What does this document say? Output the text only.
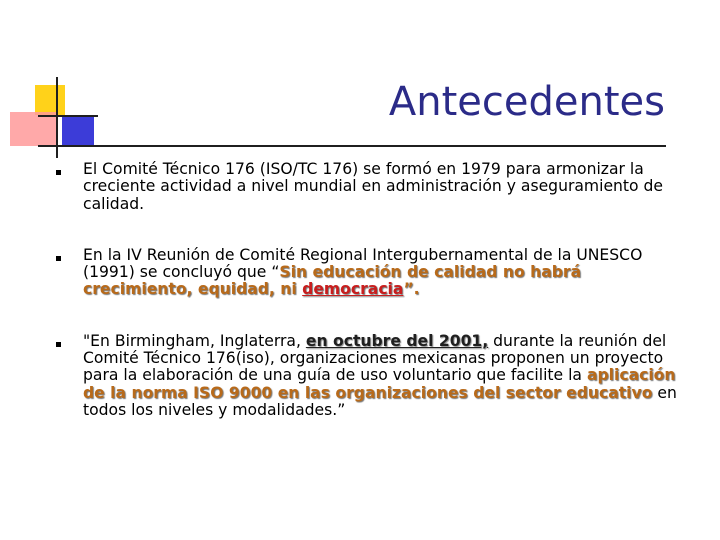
Antecedentes
El Comité Técnico 176 (ISO/TC 176) se formó en 1979 para armonizar la creciente actividad a nivel mundial en administración y aseguramiento de calidad.
En la IV Reunión de Comité Regional Intergubernamental de la UNESCO (1991) se concluyó que “Sin educación de calidad no habrá crecimiento, equidad, ni democracia”.
"En Birmingham, Inglaterra, en octubre del 2001, durante la reunión del Comité Técnico 176(iso), organizaciones mexicanas proponen un proyecto para la elaboración de una guía de uso voluntario que facilite la aplicación de la norma ISO 9000 en las organizaciones del sector educativo en todos los niveles y modalidades.”
